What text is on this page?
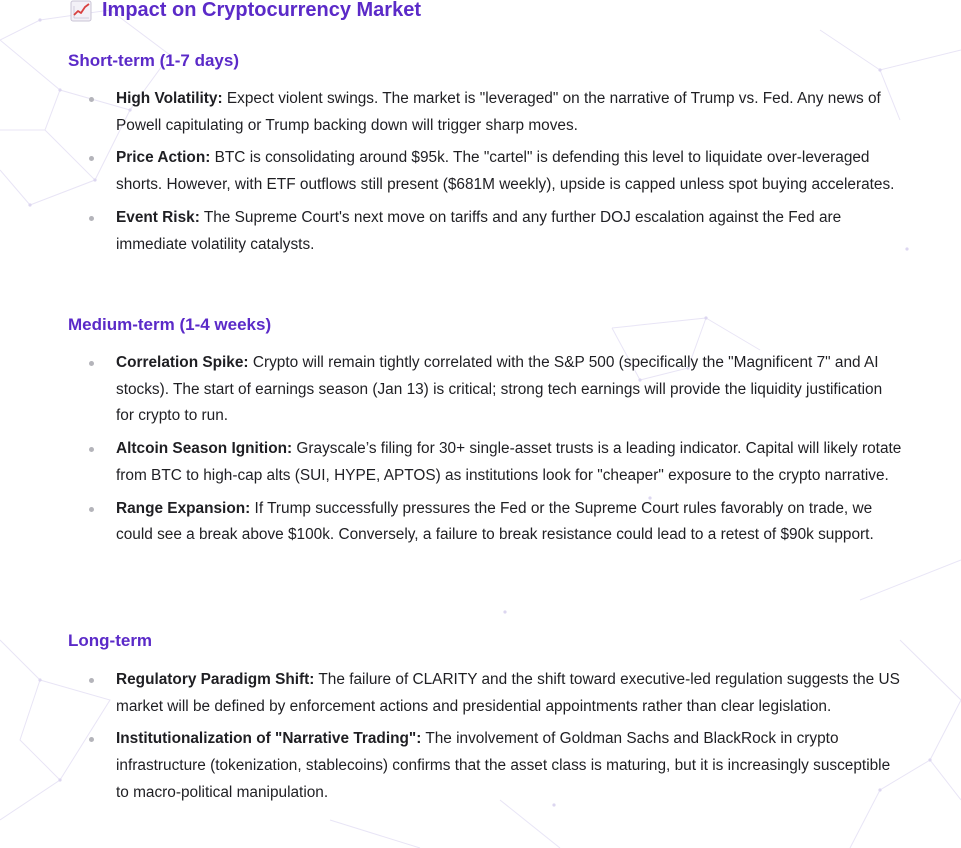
Impact on Cryptocurrency Market
Short-term (1-7 days)
High Volatility: Expect violent swings. The market is "leveraged" on the narrative of Trump vs. Fed. Any news of Powell capitulating or Trump backing down will trigger sharp moves.
Price Action: BTC is consolidating around $95k. The "cartel" is defending this level to liquidate over-leveraged shorts. However, with ETF outflows still present ($681M weekly), upside is capped unless spot buying accelerates.
Event Risk: The Supreme Court's next move on tariffs and any further DOJ escalation against the Fed are immediate volatility catalysts.
Medium-term (1-4 weeks)
Correlation Spike: Crypto will remain tightly correlated with the S&P 500 (specifically the "Magnificent 7" and AI stocks). The start of earnings season (Jan 13) is critical; strong tech earnings will provide the liquidity justification for crypto to run.
Altcoin Season Ignition: Grayscale’s filing for 30+ single-asset trusts is a leading indicator. Capital will likely rotate from BTC to high-cap alts (SUI, HYPE, APTOS) as institutions look for "cheaper" exposure to the crypto narrative.
Range Expansion: If Trump successfully pressures the Fed or the Supreme Court rules favorably on trade, we could see a break above $100k. Conversely, a failure to break resistance could lead to a retest of $90k support.
Long-term
Regulatory Paradigm Shift: The failure of CLARITY and the shift toward executive-led regulation suggests the US market will be defined by enforcement actions and presidential appointments rather than clear legislation.
Institutionalization of "Narrative Trading": The involvement of Goldman Sachs and BlackRock in crypto infrastructure (tokenization, stablecoins) confirms that the asset class is maturing, but it is increasingly susceptible to macro-political manipulation.
